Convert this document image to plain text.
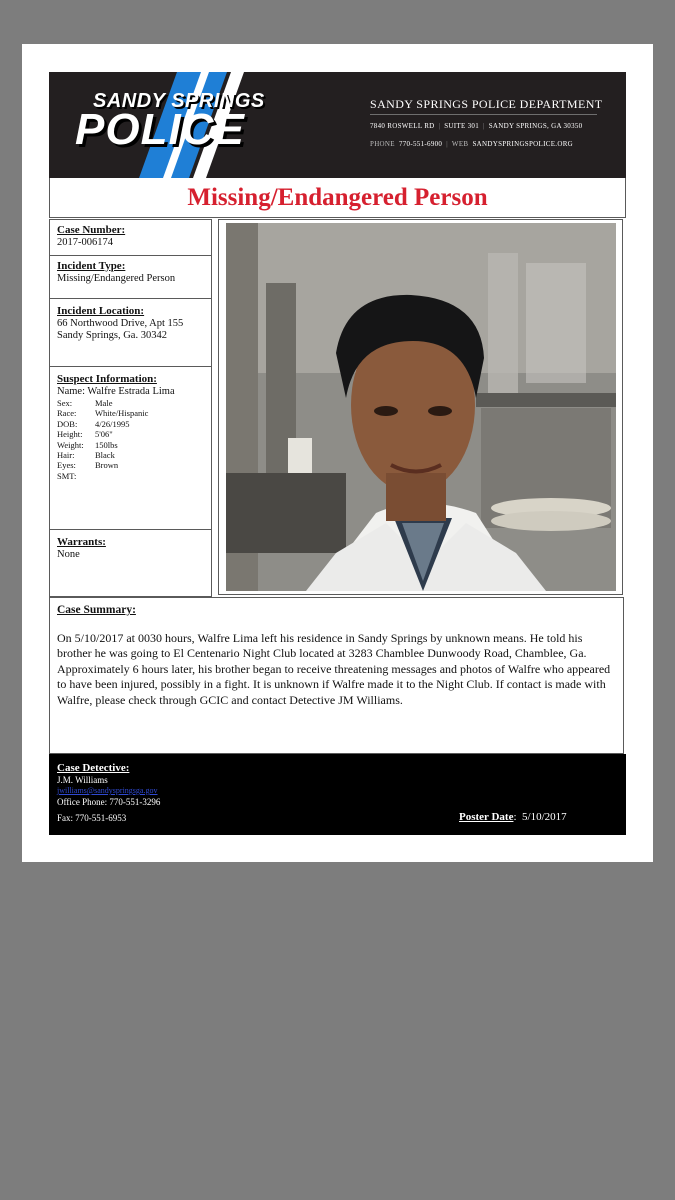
SANDY SPRINGS
POLICE
SANDY SPRINGS POLICE DEPARTMENT
7840 ROSWELL RD | SUITE 301 | SANDY SPRINGS, GA 30350
PHONE 770-551-6900 | WEB SANDYSPRINGSPOLICE.ORG
Missing/Endangered Person
Case Number:
2017-006174
Incident Type:
Missing/Endangered Person
Incident Location:
66 Northwood Drive, Apt 155
Sandy Springs, Ga. 30342
Suspect Information:
Name: Walfre Estrada Lima
Sex:	Male
Race:	White/Hispanic
DOB:	4/26/1995
Height:	5'06"
Weight:	150lbs
Hair:	Black
Eyes:	Brown
SMT:
Warrants:
None
Case Summary:
On 5/10/2017 at 0030 hours, Walfre Lima left his residence in Sandy Springs by unknown means. He told his brother he was going to El Centenario Night Club located at 3283 Chamblee Dunwoody Road, Chamblee, Ga. Approximately 6 hours later, his brother began to receive threatening messages and photos of Walfre who appeared to have been injured, possibly in a fight. It is unknown if Walfre made it to the Night Club. If contact is made with Walfre, please check through GCIC and contact Detective JM Williams.
Case Detective:
J.M. Williams
jwilliams@sandyspringsga.gov
Office Phone: 770-551-3296
Fax: 770-551-6953	Poster Date: 5/10/2017
